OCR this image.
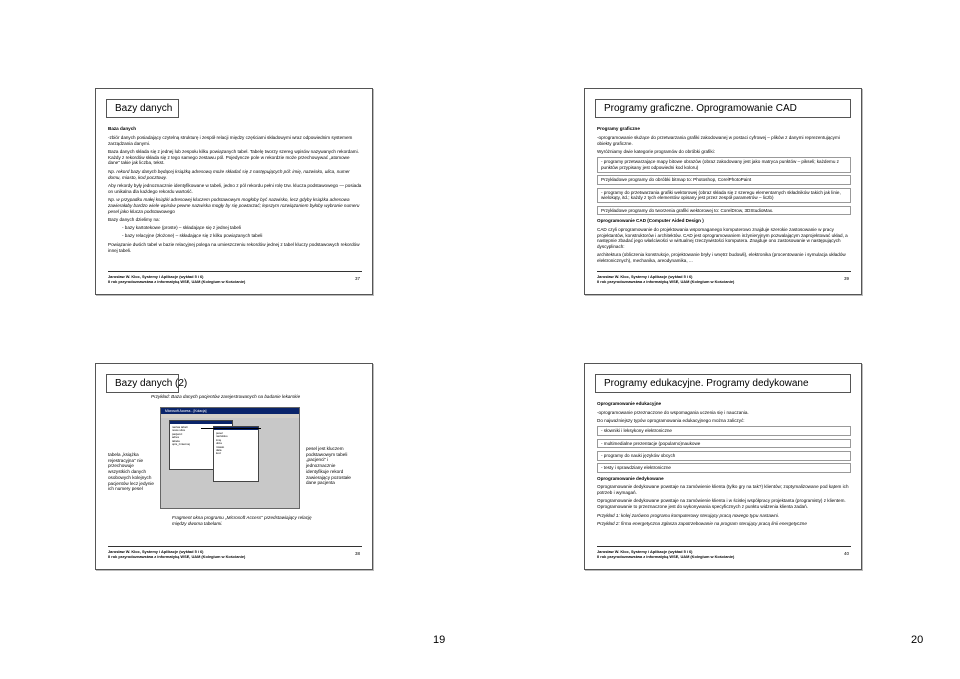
Bazy danych

Baza danych

-zbiór danych posiadający czytelną strukturę i zespół relacji między częściami składowymi wraz odpowiednim systemem zarządzania danymi.

Baza danych składa się z jednej lub zespołu kilku powiązanych tabel. Tabelę tworzy szereg wpisów nazywanych rekordami. Każdy z rekordów składa się z tego samego zestawu pól. Pojedyncze pole w rekordzie może przechowywać „atomowe dane" takie jak liczba, tekst.

Np. rekord bazy danych będącej książką adresową może składać się z następujących pól: imię, nazwisko, ulica, numer domu, miasto, kod pocztowy.

Aby rekordy były jednoznacznie identyfikowane w tabeli, jedno z pól rekordu pełni rolę tzw. klucza podstawowego — posiada on unikalna dla każdego rekordu wartość.

Np. w przypadku małej książki adresowej kluczem podstawowym mogłoby być nazwisko, lecz gdyby książka adresowa zawierałaby bardzo wiele wpisów pewne nazwiska mogły by się powtarzać; lepszym rozwiązaniem byłoby wybranie numeru pesel jako klucza podstawowego

Bazy danych dzielimy na:

- bazy kartotekowe (proste) – składające się z jednej tabeli

- bazy relacyjne (złożone) – składające się z kilku powiązanych tabeli

Powiązanie dwóch tabel w bazie relacyjnej polega na umieszczeniu rekordów jednej z tabel kluczy podstawowych rekordów innej tabeli.

Jarosław W. Kloc, Systemy i Aplikacje (wykład 5 i 6)
II rok przyrodoznawstwa z informatyką WSE, UAM (Kolegium w Kościanie)
37
Programy graficzne. Oprogramowanie CAD

Programy graficzne

-oprogramowanie służące do przetwarzania grafiki zakodowanej w postaci cyfrowej – plików z danymi reprezentującymi obiekty graficzne.

Wyróżniamy dwie kategorie programów do obróbki grafiki:

- programy przetwarzające mapy bitowe obrazów (obraz zakodowany jest jako matryca punktów – pikseli; każdemu z punktów przypisany jest odpowiedni kod koloru)

Przykładowe programy do obróbki bitmap to: Photoshop, CorelPhotoPaint

- programy do przetwarzania grafiki wektorowej (obraz składa się z szeregu elementarnych składników takich jak linie, wielokąty, itd.; każdy z tych elementów opisany jest przez zespół parametrów – liczb)

Przykładowe programy do tworzenia grafiki wektorowej to: CorelDrow, 3DStudioMax.

Oprogramowanie CAD (Computer Aided Design )

CAD czyli oprogramowanie do projektowania wspomaganego komputerowo znajduje szerokie zastosowanie w pracy projektantów, konstruktorów i architektów. CAD jest oprogramowaniem inżynieryjnym pozwalającym zaprojektować układ, a następnie zbadać jego właściwości w wirtualnej rzeczywistości komputera. Znajduje ono zastosowanie w następujących dyscyplinach:

architektura (obliczenia konstrukcje, projektowanie bryły i wnętrz budowli), elektronika (procentowanie i symulacja układów elektronicznych), mechanika, areodynamika, ...

Jarosław W. Kloc, Systemy i Aplikacje (wykład 5 i 6)
II rok przyrodoznawstwa z informatyką WSE, UAM (Kolegium w Kościanie)
39
Bazy danych (2)
Przykład: Baza danych pacjentów zarejestrowanych na badanie lekarskie
tabela „książka rejestracyjna" nie przechowuje wszystkich danych osobowych kolejnych pacjentów lecz jedynie ich numery pesel
Microsoft Access - [Kolacja]
nazwa tabeli
nowe ulice
pacjenci
adres
tabela
opis_zmiennej
pesel
nazwisko
imię
ulica
miasto
data
kod
pesel jest kluczem podstawowym tabeli „pacjenci" i jednoznacznie identyfikuje rekord zawierający pozostałe dane pacjenta
Fragment okna programu „Microsoft Access" przedstawiający relację między dwoma tabelami.
Jarosław W. Kloc, Systemy i Aplikacje (wykład 5 i 6)
II rok przyrodoznawstwa z informatyką WSE, UAM (Kolegium w Kościanie)
38
Programy edukacyjne. Programy dedykowane

Oprogramowanie edukacyjne

-oprogramowanie przeznaczone do wspomagania uczenia się i nauczania.

Do najważniejszy typów oprogramowania edukacyjnego można zaliczyć:

- słowniki i leksykony elektroniczne

- multimedialne prezentacje (popularno)naukowe

- programy do nauki języków obcych

- testy i sprawdziany elektroniczne

Oprogramowanie dedykowane

Oprogramowanie dedykowane powstaje na zamówienie klienta (tylko gry na tak?) klientów; zoptymalizowane pod kątem ich potrzeb i wymagań.

Oprogramowanie dedykowane powstaje na zamówienie klienta i w ścisłej współpracy projektanta (programisty) z klientem. Oprogramowanie to przeznaczone jest do wykonywania specyficznych z punktu widzenia klienta zadań.

Przykład 1: kolej zarówno programu komputerowy sterujący pracą nowego typu nastawni.

Przykład 2: firma energetyczna zgłasza zapotrzebowanie na program sterujący pracą linii energetyczne

Jarosław W. Kloc, Systemy i Aplikacje (wykład 5 i 6)
II rok przyrodoznawstwa z informatyką WSE, UAM (Kolegium w Kościanie)
40
19	20
